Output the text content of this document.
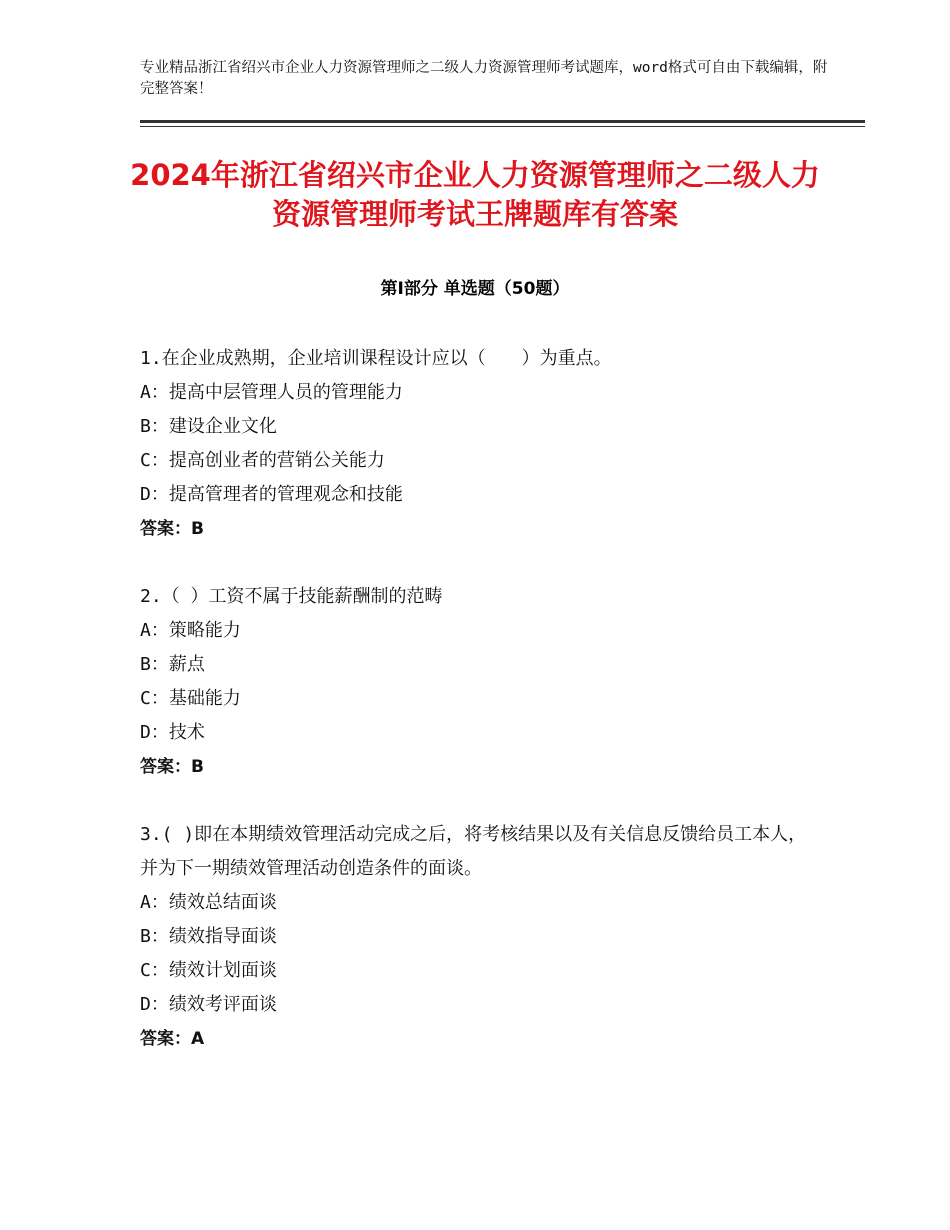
专业精品浙江省绍兴市企业人力资源管理师之二级人力资源管理师考试题库，word格式可自由下载编辑，附完整答案！
2024年浙江省绍兴市企业人力资源管理师之二级人力资源管理师考试王牌题库有答案
第Ⅰ部分 单选题（50题）
1.在企业成熟期，企业培训课程设计应以（　　）为重点。
A：提高中层管理人员的管理能力
B：建设企业文化
C：提高创业者的营销公关能力
D：提高管理者的管理观念和技能
答案：B
2.（ ）工资不属于技能薪酬制的范畴
A：策略能力
B：薪点
C：基础能力
D：技术
答案：B
3.( )即在本期绩效管理活动完成之后，将考核结果以及有关信息反馈给员工本人，并为下一期绩效管理活动创造条件的面谈。
A：绩效总结面谈
B：绩效指导面谈
C：绩效计划面谈
D：绩效考评面谈
答案：A
